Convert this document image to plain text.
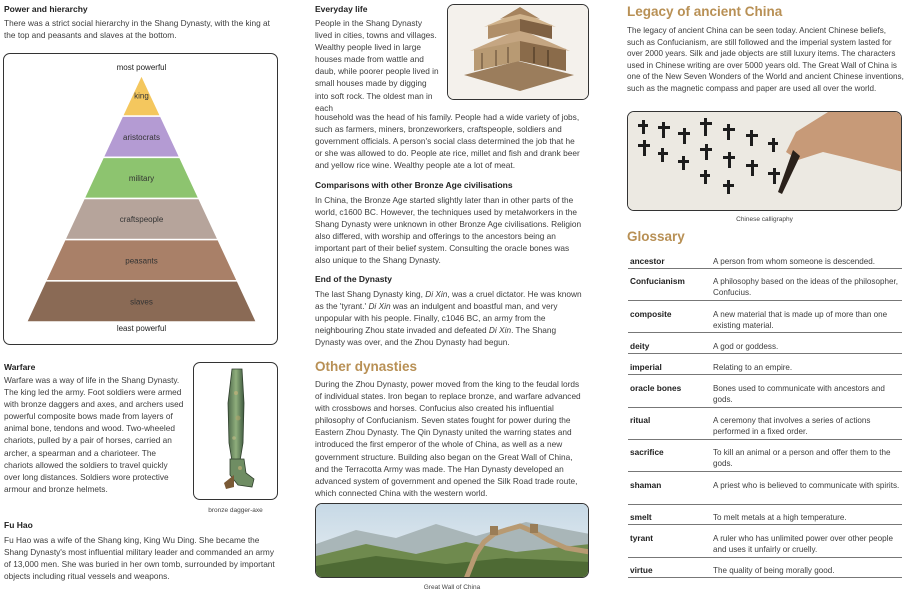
Power and hierarchy

There was a strict social hierarchy in the Shang Dynasty, with the king at the top and peasants and slaves at the bottom.

most powerful
king
aristocrats
military
craftspeople
peasants
slaves
least powerful

Warfare

Warfare was a way of life in the Shang Dynasty. The king led the army. Foot soldiers were armed with bronze daggers and axes, and archers used powerful composite bows made from layers of animal bone, tendons and wood. Two-wheeled chariots, pulled by a pair of horses, carried an archer, a spearman and a charioteer. The chariots allowed the soldiers to travel quickly over long distances. Soldiers wore protective armour and bronze helmets.

bronze dagger-axe

Fu Hao

Fu Hao was a wife of the Shang king, King Wu Ding. She became the Shang Dynasty's most influential military leader and commanded an army of 13,000 men. She was buried in her own tomb, surrounded by important objects including ritual vessels and weapons.

Everyday life

People in the Shang Dynasty lived in cities, towns and villages. Wealthy people lived in large houses made from wattle and daub, while poorer people lived in small houses made by digging into soft rock. The oldest man in each

household was the head of his family. People had a wide variety of jobs, such as farmers, miners, bronzeworkers, craftspeople, soldiers and government officials. A person's social class determined the job that he or she was allowed to do. People ate rice, millet and fish and drank beer and yellow rice wine. Wealthy people ate a lot of meat.

Comparisons with other Bronze Age civilisations

In China, the Bronze Age started slightly later than in other parts of the world, c1600 BC. However, the techniques used by metalworkers in the Shang Dynasty were unknown in other Bronze Age civilisations. Religion also differed, with worship and offerings to the ancestors being an important part of their belief system. Consulting the oracle bones was also unique to the Shang Dynasty.

End of the Dynasty

The last Shang Dynasty king, Di Xin, was a cruel dictator. He was known as the 'tyrant.' Di Xin was an indulgent and boastful man, and very unpopular with his people. Finally, c1046 BC, an army from the neighbouring Zhou state invaded and defeated Di Xin. The Shang Dynasty was over, and the Zhou Dynasty had begun.

Other dynasties

During the Zhou Dynasty, power moved from the king to the feudal lords of individual states. Iron began to replace bronze, and warfare advanced with crossbows and horses. Confucius also created his influential philosophy of Confucianism. Seven states fought for power during the Eastern Zhou Dynasty. The Qin Dynasty united the warring states and introduced the first emperor of the whole of China, as well as a new government structure. Building also began on the Great Wall of China, and the Terracotta Army was made. The Han Dynasty developed an advanced system of government and opened the Silk Road trade route, which connected China with the western world.

Great Wall of China

Legacy of ancient China

The legacy of ancient China can be seen today. Ancient Chinese beliefs, such as Confucianism, are still followed and the imperial system lasted for over 2000 years. Silk and jade objects are still luxury items. The characters used in Chinese writing are over 5000 years old. The Great Wall of China is one of the New Seven Wonders of the World and ancient Chinese inventions, such as the magnetic compass and paper are used all over the world.

Chinese calligraphy

Glossary

ancestor	A person from whom someone is descended.
Confucianism	A philosophy based on the ideas of the philosopher, Confucius.
composite	A new material that is made up of more than one existing material.
deity	A god or goddess.
imperial	Relating to an empire.
oracle bones	Bones used to communicate with ancestors and gods.
ritual	A ceremony that involves a series of actions performed in a fixed order.
sacrifice	To kill an animal or a person and offer them to the gods.
shaman	A priest who is believed to communicate with spirits.
smelt	To melt metals at a high temperature.
tyrant	A ruler who has unlimited power over other people and uses it unfairly or cruelly.
virtue	The quality of being morally good.
